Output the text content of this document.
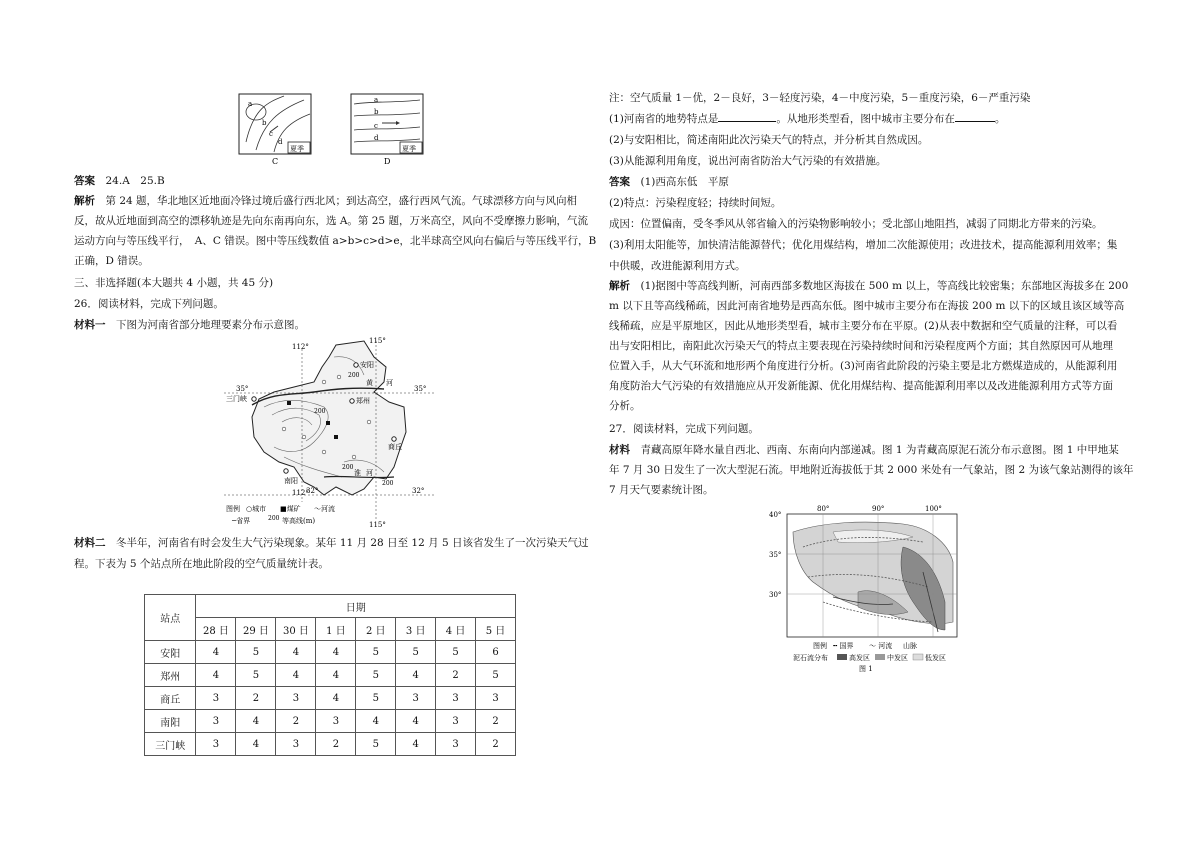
a
b
c
d
夏季
C
a
b
c
d
夏季
D

答案　 24.A　25.B

解析　 第 24 题，华北地区近地面冷锋过境后盛行西北风；到达高空，盛行西风气流。气球漂移方向与风向相

反，故从近地面到高空的漂移轨迹是先向东南再向东，选 A。第 25 题，万米高空，风向不受摩擦力影响，气流

运动方向与等压线平行，　A、C 错误。图中等压线数值 a>b>c>d>e，北半球高空风向右偏后与等压线平行，B

正确，D 错误。

三、非选择题(本大题共 4 小题，共 45 分)

26．阅读材料，完成下列问题。

材料一　下图为河南省部分地理要素分布示意图。

115°
112°
112°
115°
35°	35°
32°	32°
安阳
郑州
三门峡
商丘
南阳
黄 河
淮 河
200
200
200
200
图例 ○城市 ■煤矿 〜河流
─省界	200 等高线(m)

材料二　冬半年，河南省有时会发生大气污染现象。某年 11 月 28 日至 12 月 5 日该省发生了一次污染天气过

程。下表为 5 个站点所在地此阶段的空气质量统计表。

站点	日期							
	28 日	29 日	30 日	1 日	2 日	3 日	4 日	5 日
安阳	4	5	4	4	5	5	5	6
郑州	4	5	4	4	5	4	2	5
商丘	3	2	3	4	5	3	3	3
南阳	3	4	2	3	4	4	3	2
三门峡	3	4	3	2	5	4	3	2

注：空气质量 1－优，2－良好，3－轻度污染，4－中度污染，5－重度污染，6－严重污染

(1)河南省的地势特点是	。从地形类型看，图中城市主要分布在	。

(2)与安阳相比，简述南阳此次污染天气的特点，并分析其自然成因。

(3)从能源利用角度，说出河南省防治大气污染的有效措施。

答案　 (1)西高东低　平原

(2)特点：污染程度轻；持续时间短。

成因：位置偏南，受冬季风从邻省输入的污染物影响较小；受北部山地阻挡，减弱了同期北方带来的污染。

(3)利用太阳能等，加快清洁能源替代；优化用煤结构，增加二次能源使用；改进技术，提高能源利用效率；集

中供暖，改进能源利用方式。

解析　 (1)据图中等高线判断，河南西部多数地区海拔在 500 m 以上，等高线比较密集；东部地区海拔多在 200

m 以下且等高线稀疏，因此河南省地势是西高东低。图中城市主要分布在海拔 200 m 以下的区域且该区域等高

线稀疏，应是平原地区，因此从地形类型看，城市主要分布在平原。(2)从表中数据和空气质量的注释，可以看

出与安阳相比，南阳此次污染天气的特点主要表现在污染持续时间和污染程度两个方面；其自然原因可从地理

位置入手，从大气环流和地形两个角度进行分析。(3)河南省此阶段的污染主要是北方燃煤造成的，从能源利用

角度防治大气污染的有效措施应从开发新能源、优化用煤结构、提高能源利用率以及改进能源利用方式等方面

分析。

27．阅读材料，完成下列问题。

材料　青藏高原年降水量自西北、西南、东南向内部递减。图 1 为青藏高原泥石流分布示意图。图 1 中甲地某

年 7 月 30 日发生了一次大型泥石流。甲地附近海拔低于其 2 000 米处有一气象站，图 2 为该气象站测得的该年

7 月天气要素统计图。

80°	90°	100°
40°
35°
30°
图例 ╍ 国界 〜 河流 山脉
泥石流分布	高发区 中发区 低发区
图 1
